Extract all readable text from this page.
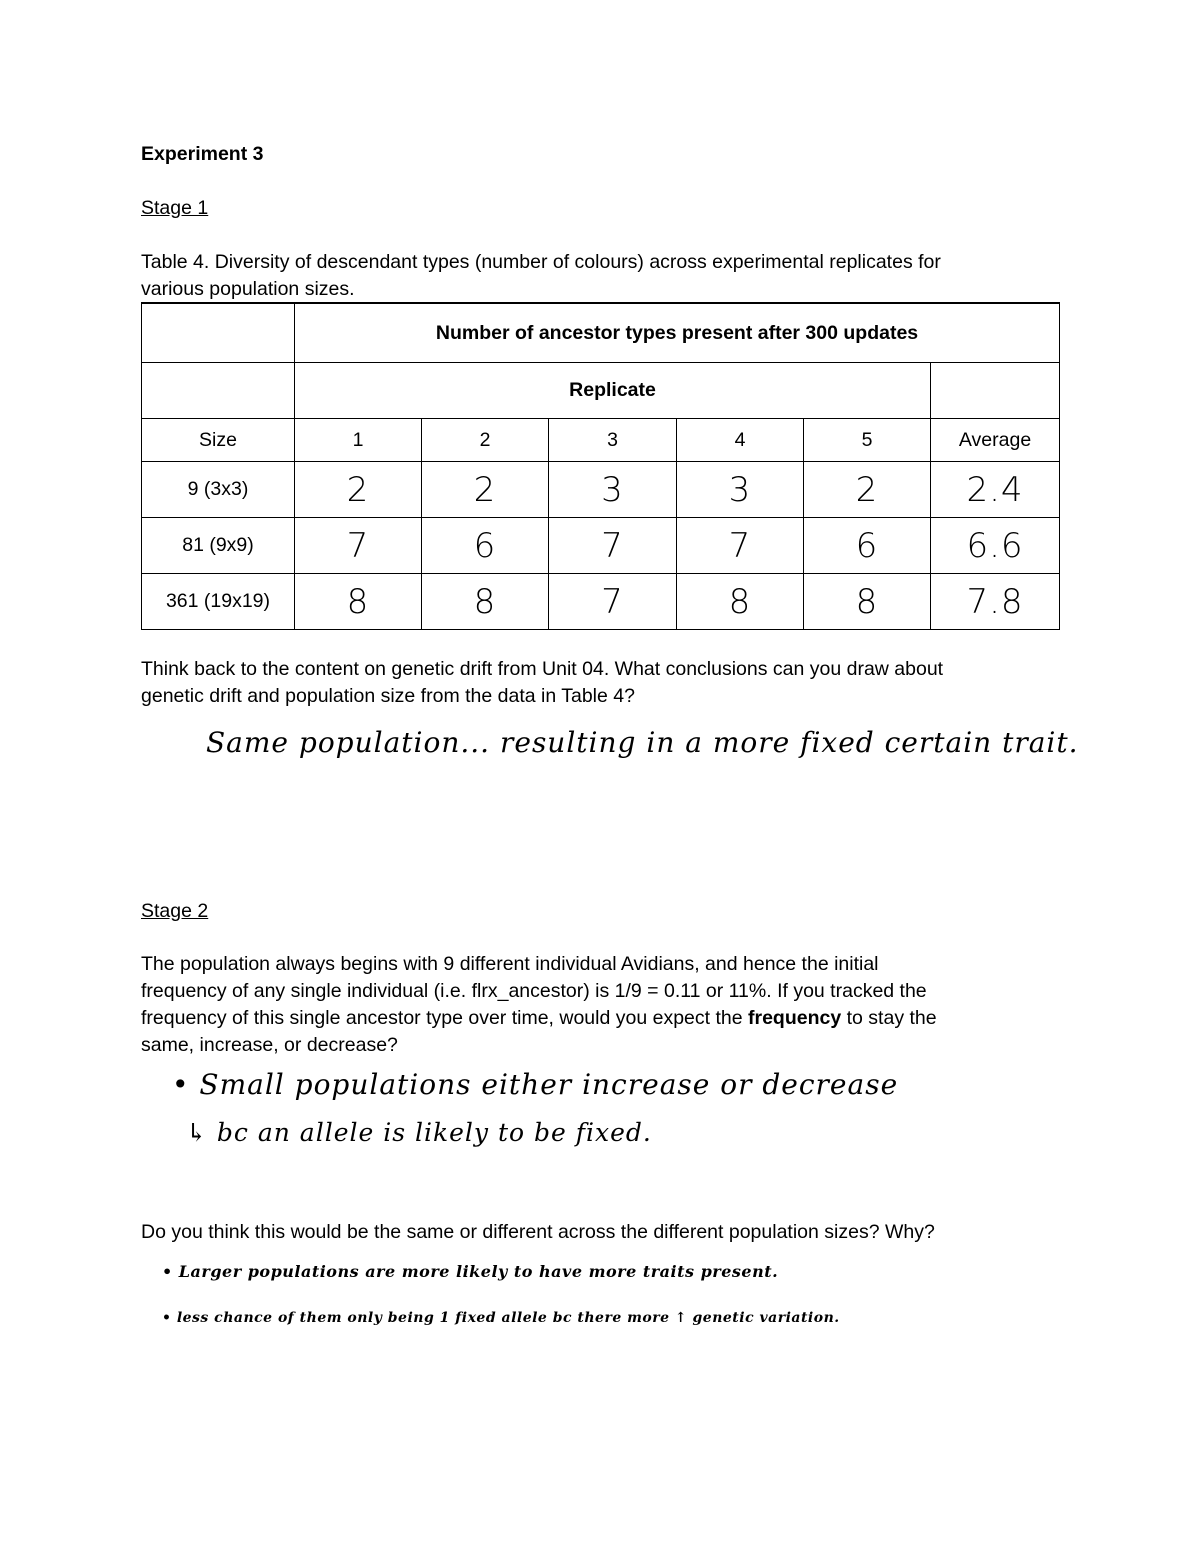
Experiment 3
Stage 1
Table 4. Diversity of descendant types (number of colours) across experimental replicates for
various population sizes.
	Number of ancestor types present after 300 updates					
	Replicate					
Size	1	2	3	4	5	Average
9 (3x3)	2	2	3	3	2	2.4
81 (9x9)	7	6	7	7	6	6.6
361 (19x19)	8	8	7	8	8	7.8
Think back to the content on genetic drift from Unit 04. What conclusions can you draw about
genetic drift and population size from the data in Table 4?
Same population... resulting in a more fixed certain trait.
Stage 2
The population always begins with 9 different individual Avidians, and hence the initial
frequency of any single individual (i.e. flrx_ancestor) is 1/9 = 0.11 or 11%. If you tracked the
frequency of this single ancestor type over time, would you expect the frequency to stay the
same, increase, or decrease?
• Small populations either increase or decrease
↳ bc an allele is likely to be fixed.
Do you think this would be the same or different across the different population sizes? Why?
• Larger populations are more likely to have more traits present.
• less chance of them only being 1 fixed allele bc there more ↑ genetic variation.
